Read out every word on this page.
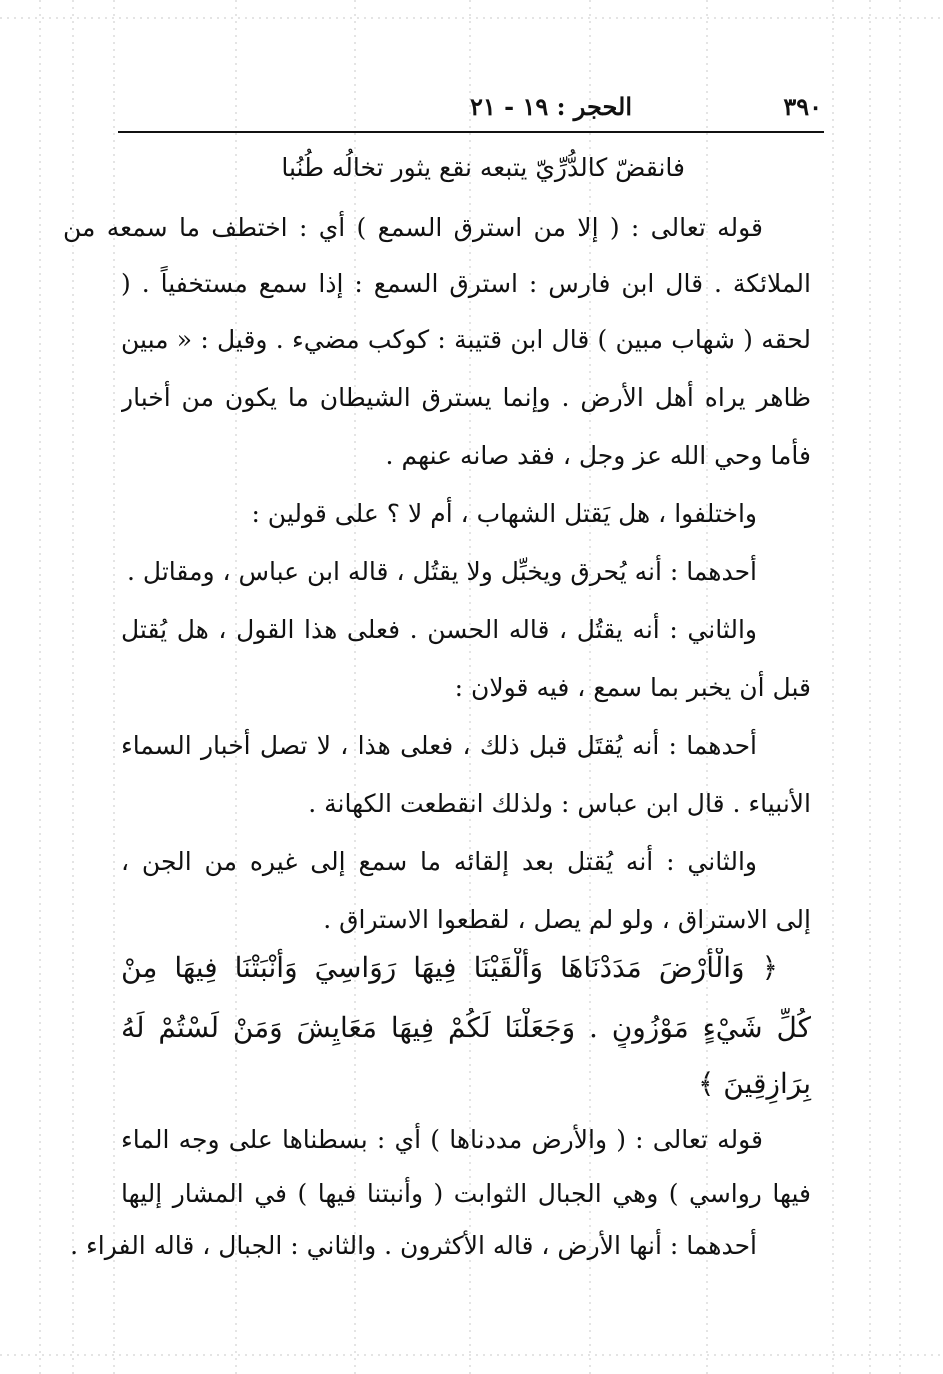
٣٩٠
الحجر : ١٩ - ٢١
فانقضّ كالدُّرِّيّ يتبعه نقع يثور تخالُه طُنُبا
قوله تعالى : ( إلا من استرق السمع ) أي : اختطف ما سمعه من
الملائكة . قال ابن فارس : استرق السمع : إذا سمع مستخفياً . (
لحقه ( شهاب مبين ) قال ابن قتيبة : كوكب مضيء . وقيل : « مبين
ظاهر يراه أهل الأرض . وإنما يسترق الشيطان ما يكون من أخبار
فأما وحي الله عز وجل ، فقد صانه عنهم .
واختلفوا ، هل يَقتل الشهاب ، أم لا ؟ على قولين :
أحدهما : أنه يُحرق ويخبِّل ولا يقتُل ، قاله ابن عباس ، ومقاتل .
والثاني : أنه يقتُل ، قاله الحسن . فعلى هذا القول ، هل يُقتل
قبل أن يخبر بما سمع ، فيه قولان :
أحدهما : أنه يُقتَل قبل ذلك ، فعلى هذا ، لا تصل أخبار السماء
الأنبياء . قال ابن عباس : ولذلك انقطعت الكهانة .
والثاني : أنه يُقتل بعد إلقائه ما سمع إلى غيره من الجن ،
إلى الاستراق ، ولو لم يصل ، لقطعوا الاستراق .
﴿ وَالْأَرْضَ مَدَدْنَاهَا وَأَلْقَيْنَا فِيهَا رَوَاسِيَ وَأَنْبَتْنَا فِيهَا مِنْ
كُلِّ شَيْءٍ مَوْزُونٍ . وَجَعَلْنَا لَكُمْ فِيهَا مَعَايِشَ وَمَنْ لَسْتُمْ لَهُ
بِرَازِقِينَ ﴾
قوله تعالى : ( والأرض مددناها ) أي : بسطناها على وجه الماء
فيها رواسي ) وهي الجبال الثوابت ( وأنبتنا فيها ) في المشار إليها
أحدهما : أنها الأرض ، قاله الأكثرون . والثاني : الجبال ، قاله الفراء .
